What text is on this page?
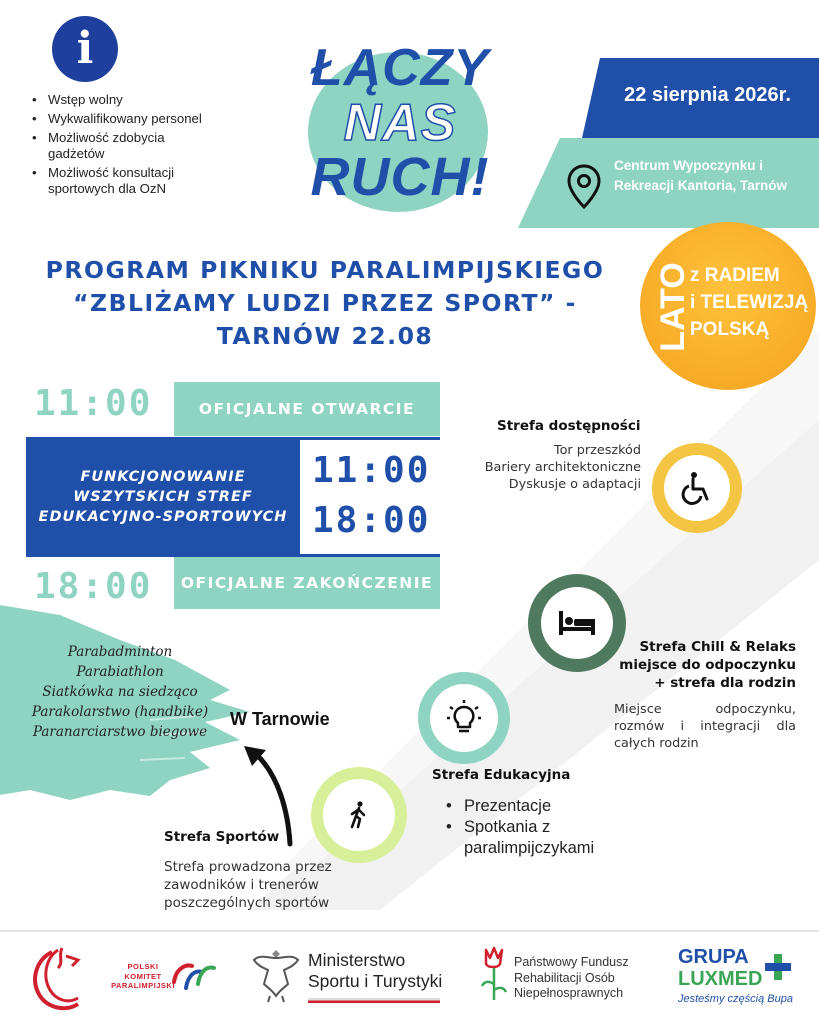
i
• Wstęp wolny
• Wykwalifikowany personel
• Możliwość zdobycia gadżetów
• Możliwość konsultacji sportowych dla OzN
ŁĄCZY
NAS
RUCH!
22 sierpnia 2026r.
Centrum Wypoczynku i Rekreacji Kantoria, Tarnów
LATO
z RADIEM
i TELEWIZJĄ
POLSKĄ
PROGRAM PIKNIKU PARALIMPIJSKIEGO
“ZBLIŻAMY LUDZI PRZEZ SPORT” -
TARNÓW 22.08
11:00	OFICJALNE OTWARCIE
FUNKCJONOWANIE WSZYTSKICH STREF EDUKACYJNO-SPORTOWYCH
11:00
18:00
18:00	OFICJALNE ZAKOŃCZENIE
Strefa dostępności
Tor przeszkód
Bariery architektoniczne
Dyskusje o adaptacji
Strefa Chill & Relaks
miejsce do odpoczynku
+ strefa dla rodzin
Miejsce odpoczynku,
rozmów i integracji dla
całych rodzin
Strefa Edukacyjna
• Prezentacje
• Spotkania z paralimpijczykami
Parabadminton
Parabiathlon
Siatkówka na siedząco
Parakolarstwo (handbike)
Paranarciarstwo biegowe
W Tarnowie
Strefa Sportów
Strefa prowadzona przez
zawodników i trenerów
poszczególnych sportów
POLSKI
KOMITET
PARALIMPIJSKI
Ministerstwo
Sportu i Turystyki
Państwowy Fundusz
Rehabilitacji Osób
Niepełnosprawnych
GRUPA
LUXMED
Jesteśmy częścią Bupa
